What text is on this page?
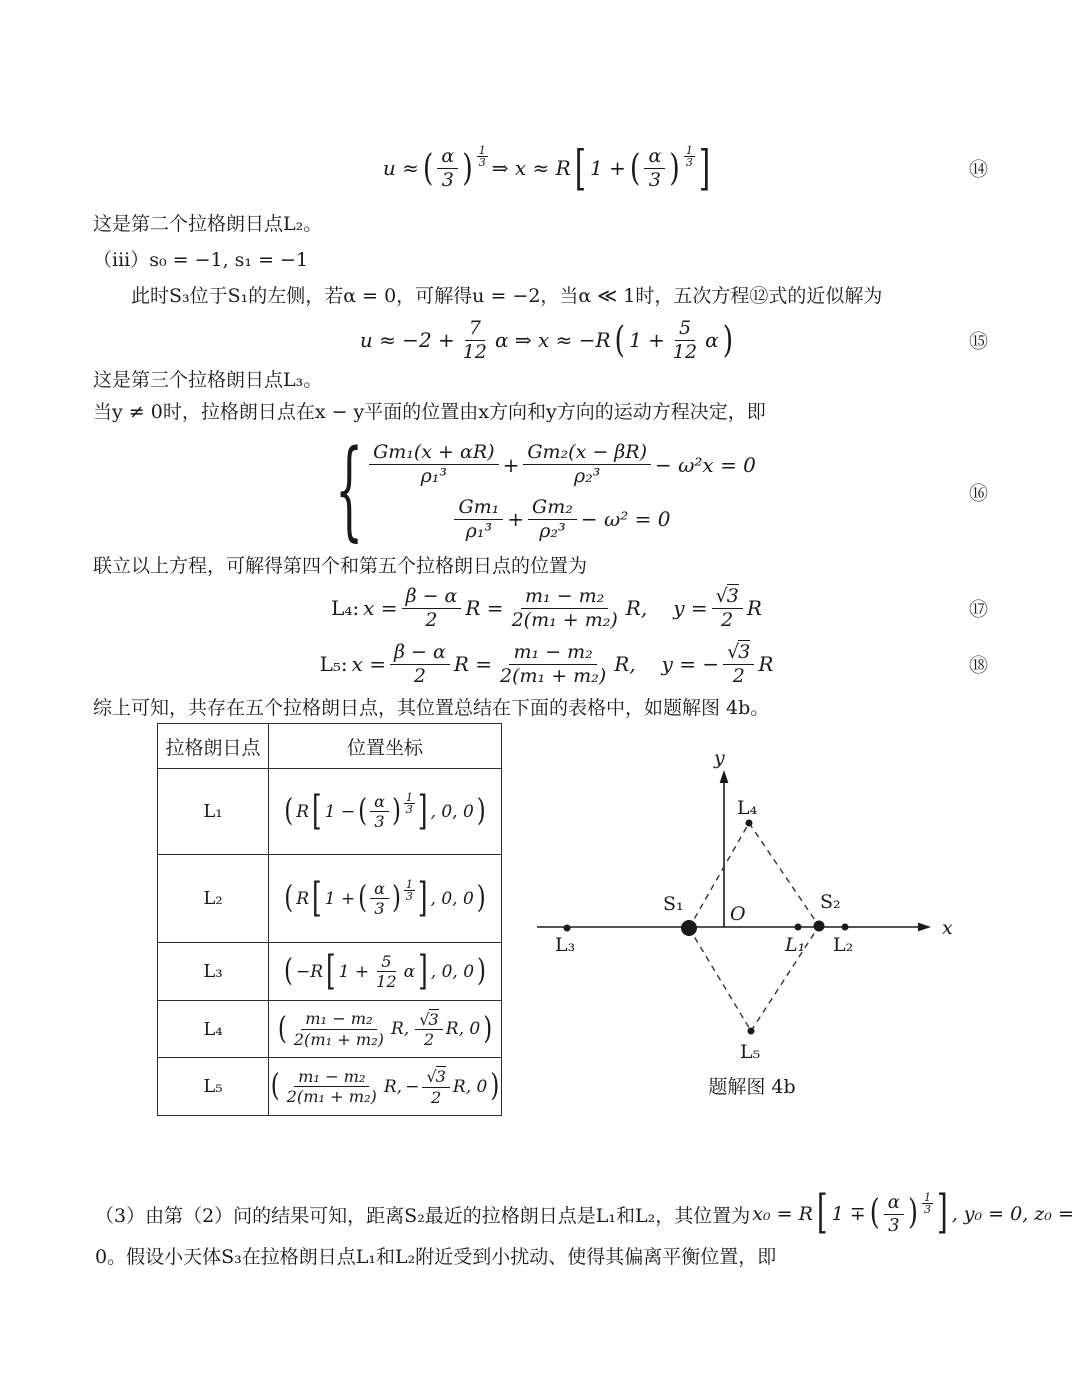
u ≈ ( $\frac{\alpha}{3}$ ) 1
3 ⇒ x ≈ R [ 1 + ( $\frac{\alpha}{3}$ ) 1
3 ]	⑭
这是第二个拉格朗日点L₂。
（iii）s₀ = −1, s₁ = −1
此时S₃位于S₁的左侧，若α = 0，可解得u = −2，当α ≪ 1时，五次方程⑫式的近似解为
$u \approx -2 + \frac{7}{12}$ α ⇒ x ≈ −R ( $1 + \frac{5}{12}$ α )	⑮
这是第三个拉格朗日点L₃。
当y ≠ 0时，拉格朗日点在x − y平面的位置由x方向和y方向的运动方程决定，即
{ $\frac{\text{Gm₁(x + αR)}}{\text{ρ₁³}} + \frac{\text{Gm₂(x − βR)}}{\text{ρ₂³}} - \omega^2x = 0$
$\frac{\text{Gm₁}}{\text{ρ₁³}} + \frac{\text{Gm₂}}{\text{ρ₂³}} - \omega^2 = 0$
⑯
联立以上方程，可解得第四个和第五个拉格朗日点的位置为
L₄: $x = \frac{\beta - \alpha}{2}$ $R = \frac{\text{m₁ − m₂}}{\text{2(m₁ + m₂)}} R$, $y = \frac{√ 3}{2}$ R	⑰
L₅: $x = \frac{\beta - \alpha}{2}$ $R = \frac{\text{m₁ − m₂}}{\text{2(m₁ + m₂)}} R$, y = − $\frac{√ 3}{2}$ R	⑱
综上可知，共存在五个拉格朗日点，其位置总结在下面的表格中，如题解图 4b。
拉格朗日点	位置坐标
L₁	( R [ 1 − ( $\frac{\alpha}{3}$ ) 1
3 ] , 0, 0 )

L₂	( R [ 1 + ( $\frac{\alpha}{3}$ ) 1
3 ] , 0, 0 )

L₃	( −R [ $1 + \frac{5}{12}$ α ] , 0, 0 )

L₄	( $\frac{\text{m₁ − m₂}}{\text{2(m₁ + m₂)}} R$, $\frac{√ 3}{2} R$, 0 )

L₅	( $\frac{\text{m₁ − m₂}}{\text{2(m₁ + m₂)}} R$, − $\frac{√ 3}{2} R$, 0 )
x
y
O
L₃
S₁
L₁
S₂
L₂
L₄
L₅
题解图 4b
（3）由第（2）问的结果可知，距离S₂最近的拉格朗日点是L₁和L₂，其位置为 x₀ = R [ 1 ∓ ( $\frac{\alpha}{3}$ ) 1
3 ] , y₀ = 0, z₀ =
0。假设小天体S₃在拉格朗日点L₁和L₂附近受到小扰动、使得其偏离平衡位置，即
